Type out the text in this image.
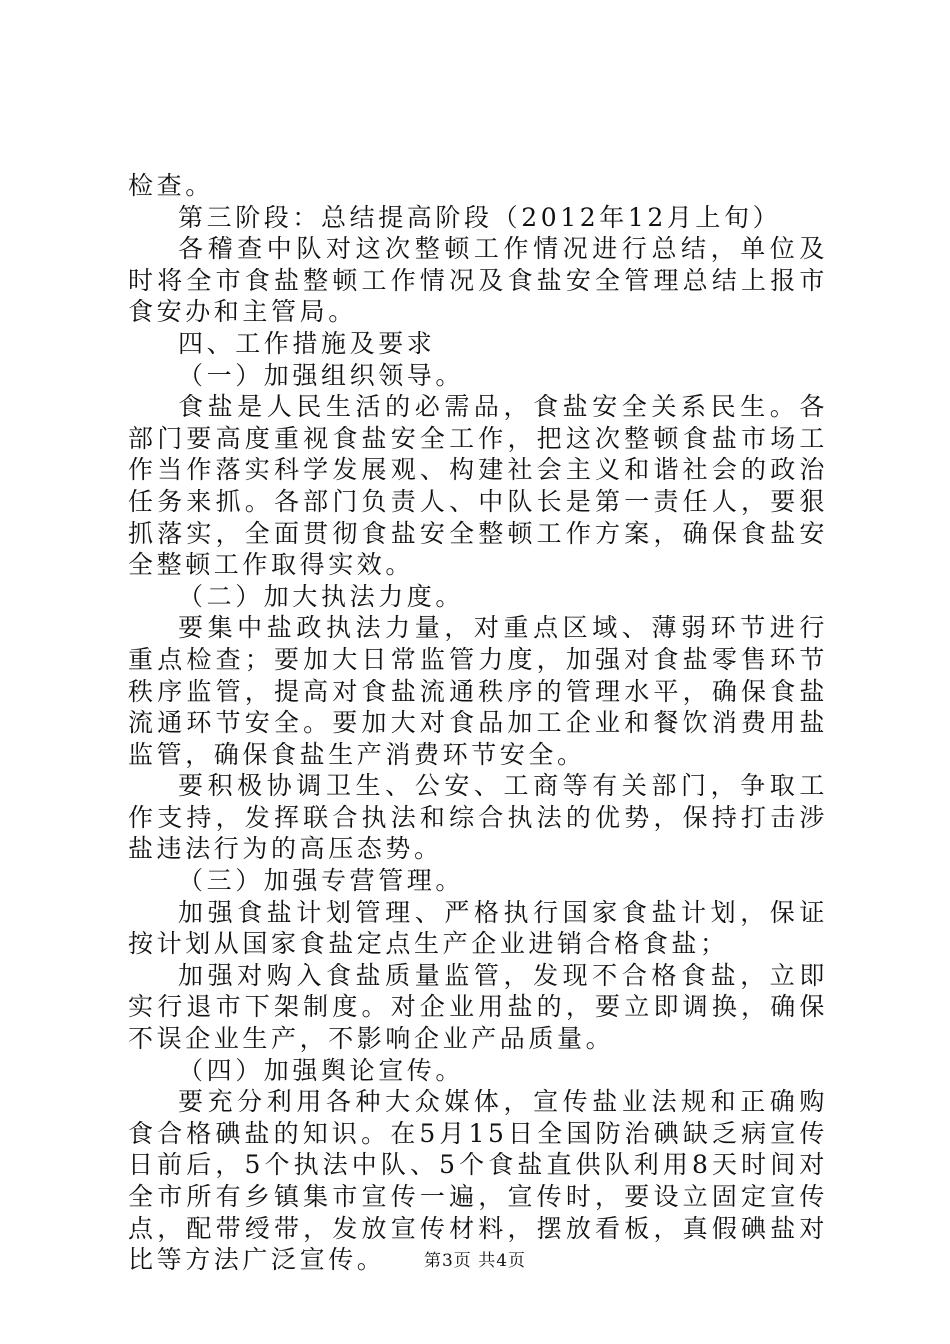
检查。

第三阶段：总结提高阶段（2012年12月上旬）

各稽查中队对这次整顿工作情况进行总结，单位及时将全市食盐整顿工作情况及食盐安全管理总结上报市食安办和主管局。

四、工作措施及要求

（一）加强组织领导。

食盐是人民生活的必需品，食盐安全关系民生。各部门要高度重视食盐安全工作，把这次整顿食盐市场工作当作落实科学发展观、构建社会主义和谐社会的政治任务来抓。各部门负责人、中队长是第一责任人，要狠抓落实，全面贯彻食盐安全整顿工作方案，确保食盐安全整顿工作取得实效。

（二）加大执法力度。

要集中盐政执法力量，对重点区域、薄弱环节进行重点检查；要加大日常监管力度，加强对食盐零售环节秩序监管，提高对食盐流通秩序的管理水平，确保食盐流通环节安全。要加大对食品加工企业和餐饮消费用盐监管，确保食盐生产消费环节安全。

要积极协调卫生、公安、工商等有关部门，争取工作支持，发挥联合执法和综合执法的优势，保持打击涉盐违法行为的高压态势。

（三）加强专营管理。

加强食盐计划管理、严格执行国家食盐计划，保证按计划从国家食盐定点生产企业进销合格食盐；

加强对购入食盐质量监管，发现不合格食盐，立即实行退市下架制度。对企业用盐的，要立即调换，确保不误企业生产，不影响企业产品质量。

（四）加强舆论宣传。

要充分利用各种大众媒体，宣传盐业法规和正确购食合格碘盐的知识。在5月15日全国防治碘缺乏病宣传日前后，5个执法中队、5个食盐直供队利用8天时间对全市所有乡镇集市宣传一遍，宣传时，要设立固定宣传点，配带绶带，发放宣传材料，摆放看板，真假碘盐对比等方法广泛宣传。	第3页 共4页
